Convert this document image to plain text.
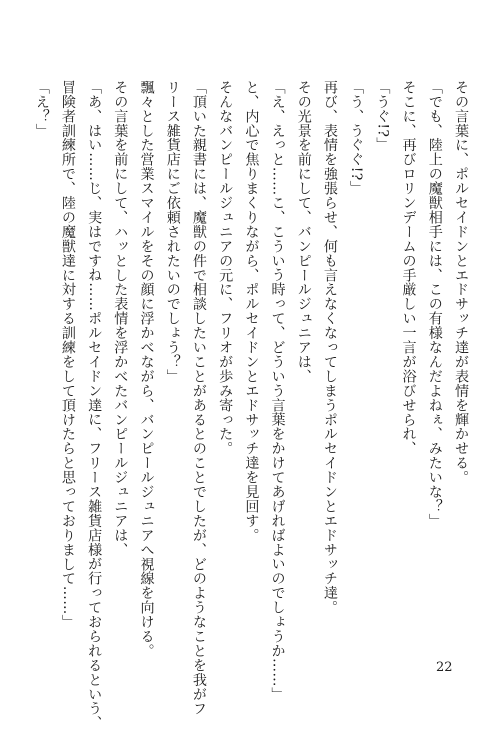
その言葉に、ポルセイドンとエドサッチ達が表情を輝かせる。
「でも、陸上の魔獣相手には、この有様なんだよねぇ、みたいな？」
そこに、再びロリンデームの手厳しい一言が浴びせられ、
「うぐ!?」
「う、うぐぐ!?」
再び、表情を強張らせ、何も言えなくなってしまうポルセイドンとエドサッチ達。
その光景を前にして、バンピールジュニアは、
「え、えっと……こ、こういう時って、どういう言葉をかけてあげればよいのでしょうか……」
と、内心で焦りまくりながら、ポルセイドンとエドサッチ達を見回す。
そんなバンピールジュニアの元に、フリオが歩み寄った。
「頂いた親書には、魔獣の件で相談したいことがあるとのことでしたが、どのようなことを我がフ
リース雑貨店にご依頼されたいのでしょう？」
飄々とした営業スマイルをその顔に浮かべながら、バンピールジュニアへ視線を向ける。
その言葉を前にして、ハッとした表情を浮かべたバンピールジュニアは、
「あ、はい……じ、実はですね……ポルセイドン達に、フリース雑貨店様が行っておられるという、
冒険者訓練所で、陸の魔獣達に対する訓練をして頂けたらと思っておりまして……」
「え？」
22
